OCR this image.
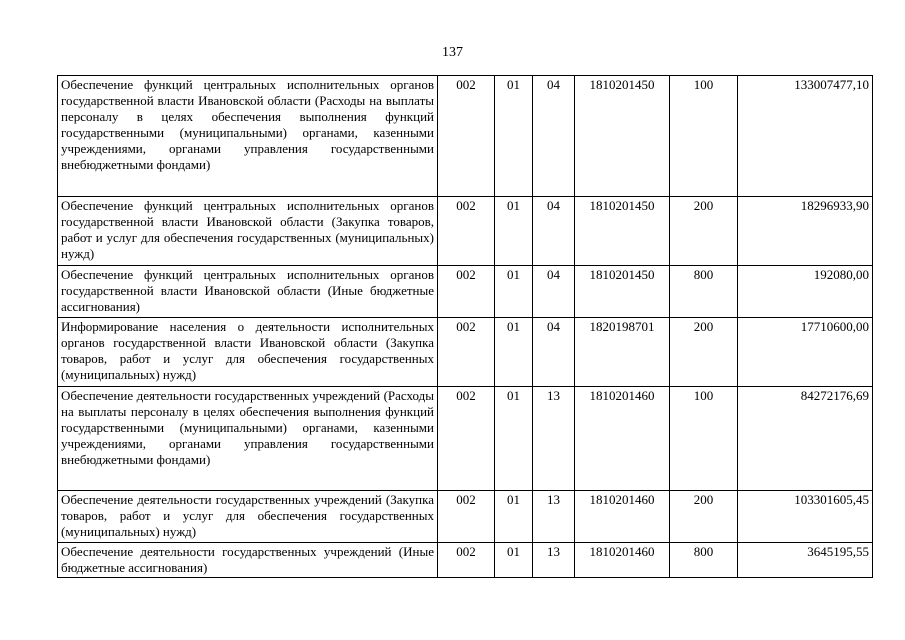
137
Обеспечение функций центральных исполнительных органов государственной власти Ивановской области (Расходы на выплаты персоналу в целях обеспечения выполнения функций государственными (муниципальными) органами, казенными учреждениями, органами управления государственными внебюджетными фондами)	002	01	04	1810201450	100	133007477,10
Обеспечение функций центральных исполнительных органов государственной власти Ивановской области (Закупка товаров, работ и услуг для обеспечения государственных (муниципальных) нужд)	002	01	04	1810201450	200	18296933,90
Обеспечение функций центральных исполнительных органов государственной власти Ивановской области (Иные бюджетные ассигнования)	002	01	04	1810201450	800	192080,00
Информирование населения о деятельности исполнительных органов государственной власти Ивановской области (Закупка товаров, работ и услуг для обеспечения государственных (муниципальных) нужд)	002	01	04	1820198701	200	17710600,00
Обеспечение деятельности государственных учреждений (Расходы на выплаты персоналу в целях обеспечения выполнения функций государственными (муниципальными) органами, казенными учреждениями, органами управления государственными внебюджетными фондами)	002	01	13	1810201460	100	84272176,69
Обеспечение деятельности государственных учреждений (Закупка товаров, работ и услуг для обеспечения государственных (муниципальных) нужд)	002	01	13	1810201460	200	103301605,45
Обеспечение деятельности государственных учреждений (Иные бюджетные ассигнования)	002	01	13	1810201460	800	3645195,55
